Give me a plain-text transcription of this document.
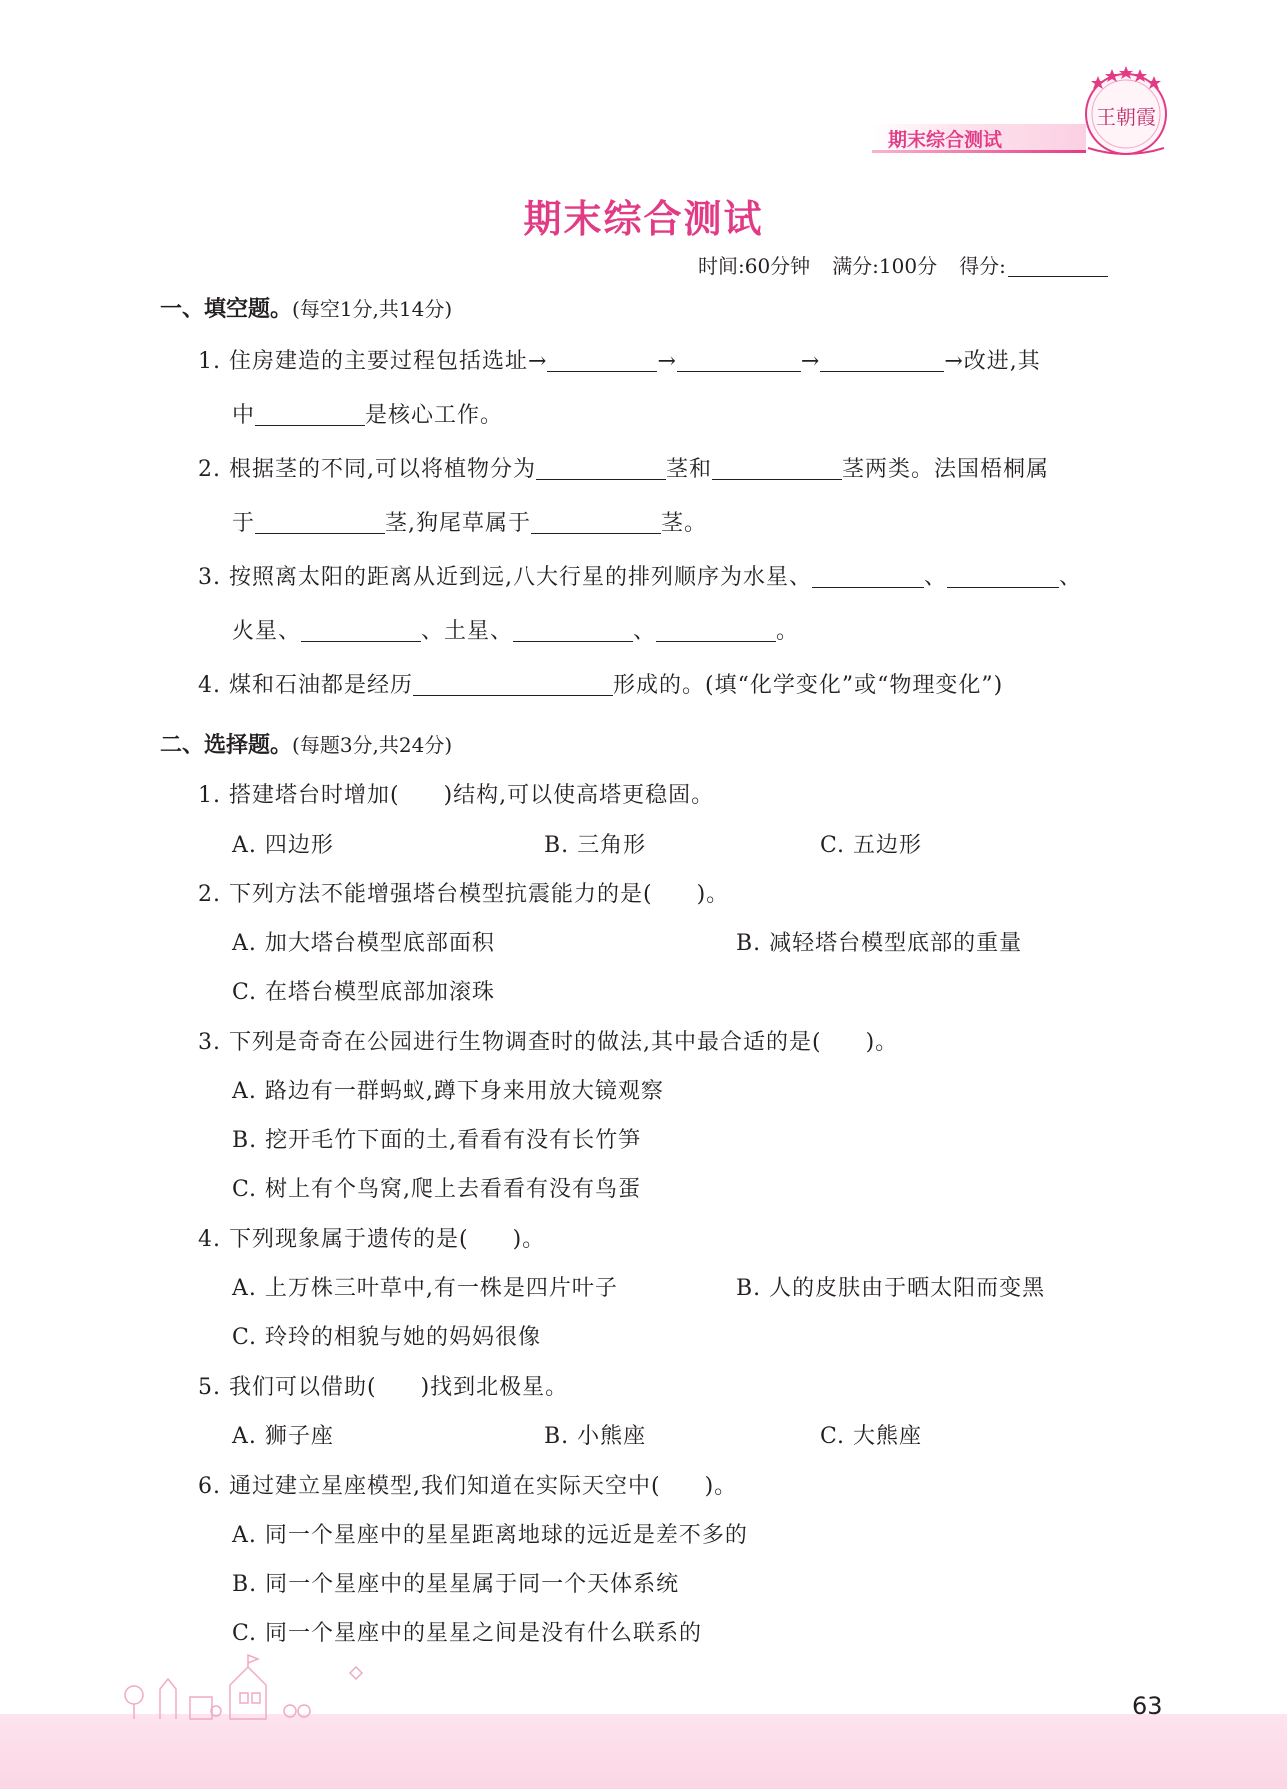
期末综合测试
王朝霞
期末综合测试
时间:60分钟 满分:100分 得分:
一、填空题。(每空1分,共14分)
1. 住房建造的主要过程包括选址→	→	→	→改进,其
中	是核心工作。
2. 根据茎的不同,可以将植物分为	茎和	茎两类。法国梧桐属
于	茎,狗尾草属于	茎。
3. 按照离太阳的距离从近到远,八大行星的排列顺序为水星、	、	、
火星、	、土星、	、	。
4. 煤和石油都是经历	形成的。(填“化学变化”或“物理变化”)
二、选择题。(每题3分,共24分)
1. 搭建塔台时增加( )结构,可以使高塔更稳固。
A. 四边形	B. 三角形	C. 五边形
2. 下列方法不能增强塔台模型抗震能力的是( )。
A. 加大塔台模型底部面积	B. 减轻塔台模型底部的重量
C. 在塔台模型底部加滚珠
3. 下列是奇奇在公园进行生物调查时的做法,其中最合适的是( )。
A. 路边有一群蚂蚁,蹲下身来用放大镜观察
B. 挖开毛竹下面的土,看看有没有长竹笋
C. 树上有个鸟窝,爬上去看看有没有鸟蛋
4. 下列现象属于遗传的是( )。
A. 上万株三叶草中,有一株是四片叶子	B. 人的皮肤由于晒太阳而变黑
C. 玲玲的相貌与她的妈妈很像
5. 我们可以借助( )找到北极星。
A. 狮子座	B. 小熊座	C. 大熊座
6. 通过建立星座模型,我们知道在实际天空中( )。
A. 同一个星座中的星星距离地球的远近是差不多的
B. 同一个星座中的星星属于同一个天体系统
C. 同一个星座中的星星之间是没有什么联系的
63
